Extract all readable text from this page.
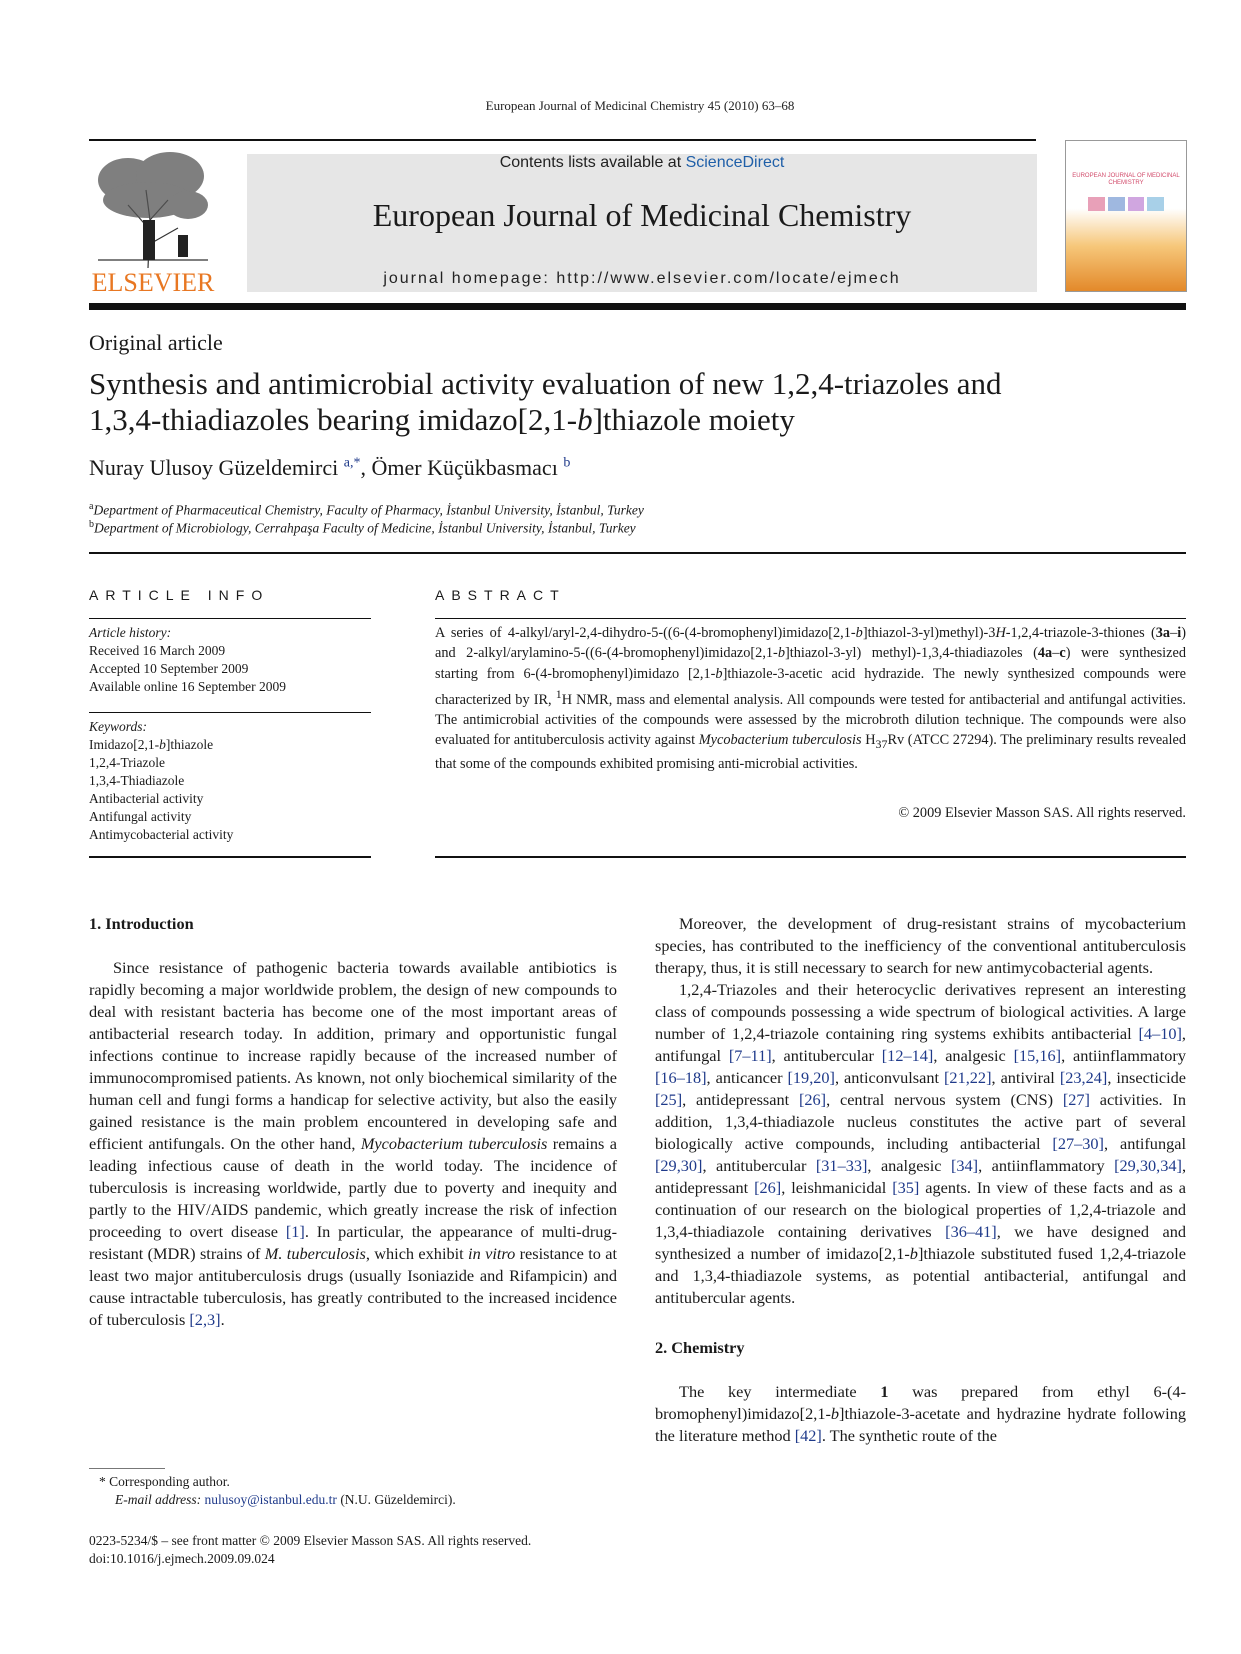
European Journal of Medicinal Chemistry 45 (2010) 63–68
ELSEVIER
Contents lists available at ScienceDirect
European Journal of Medicinal Chemistry
journal homepage: http://www.elsevier.com/locate/ejmech
EUROPEAN JOURNAL OF MEDICINAL CHEMISTRY
Original article
Synthesis and antimicrobial activity evaluation of new 1,2,4-triazoles and
1,3,4-thiadiazoles bearing imidazo[2,1-b]thiazole moiety
Nuray Ulusoy Güzeldemirci $^{a,*}$, Ömer Küçükbasmacı $^b$
$^a$Department of Pharmaceutical Chemistry, Faculty of Pharmacy, İstanbul University, İstanbul, Turkey
$^b$Department of Microbiology, Cerrahpaşa Faculty of Medicine, İstanbul University, İstanbul, Turkey
ARTICLE INFO
Article history:
Received 16 March 2009
Accepted 10 September 2009
Available online 16 September 2009
Keywords:
Imidazo[2,1-b]thiazole
1,2,4-Triazole
1,3,4-Thiadiazole
Antibacterial activity
Antifungal activity
Antimycobacterial activity
ABSTRACT
A series of 4-alkyl/aryl-2,4-dihydro-5-((6-(4-bromophenyl)imidazo[2,1-b]thiazol-3-yl)methyl)-3H-1,2,4-triazole-3-thiones (3a–i) and 2-alkyl/arylamino-5-((6-(4-bromophenyl)imidazo[2,1-b]thiazol-3-yl) methyl)-1,3,4-thiadiazoles (4a–c) were synthesized starting from 6-(4-bromophenyl)imidazo [2,1-b]thiazole-3-acetic acid hydrazide. The newly synthesized compounds were characterized by IR, $^1$H NMR, mass and elemental analysis. All compounds were tested for antibacterial and antifungal activities. The antimicrobial activities of the compounds were assessed by the microbroth dilution technique. The compounds were also evaluated for antituberculosis activity against Mycobacterium tuberculosis $H_{37}Rv$ (ATCC 27294). The preliminary results revealed that some of the compounds exhibited promising anti-microbial activities.
© 2009 Elsevier Masson SAS. All rights reserved.
1. Introduction

Since resistance of pathogenic bacteria towards available antibiotics is rapidly becoming a major worldwide problem, the design of new compounds to deal with resistant bacteria has become one of the most important areas of antibacterial research today. In addition, primary and opportunistic fungal infections continue to increase rapidly because of the increased number of immunocompromised patients. As known, not only biochemical similarity of the human cell and fungi forms a handicap for selective activity, but also the easily gained resistance is the main problem encountered in developing safe and efficient antifungals. On the other hand, Mycobacterium tuberculosis remains a leading infectious cause of death in the world today. The incidence of tuberculosis is increasing worldwide, partly due to poverty and inequity and partly to the HIV/AIDS pandemic, which greatly increase the risk of infection proceeding to overt disease [1]. In particular, the appearance of multi-drug-resistant (MDR) strains of M. tuberculosis, which exhibit in vitro resistance to at least two major antituberculosis drugs (usually Isoniazide and Rifampicin) and cause intractable tuberculosis, has greatly contributed to the increased incidence of tuberculosis [2,3].

Moreover, the development of drug-resistant strains of mycobacterium species, has contributed to the inefficiency of the conventional antituberculosis therapy, thus, it is still necessary to search for new antimycobacterial agents.

1,2,4-Triazoles and their heterocyclic derivatives represent an interesting class of compounds possessing a wide spectrum of biological activities. A large number of 1,2,4-triazole containing ring systems exhibits antibacterial [4–10], antifungal [7–11], antitubercular [12–14], analgesic [15,16], antiinflammatory [16–18], anticancer [19,20], anticonvulsant [21,22], antiviral [23,24], insecticide [25], antidepressant [26], central nervous system (CNS) [27] activities. In addition, 1,3,4-thiadiazole nucleus constitutes the active part of several biologically active compounds, including antibacterial [27–30], antifungal [29,30], antitubercular [31–33], analgesic [34], antiinflammatory [29,30,34], antidepressant [26], leishmanicidal [35] agents. In view of these facts and as a continuation of our research on the biological properties of 1,2,4-triazole and 1,3,4-thiadiazole containing derivatives [36–41], we have designed and synthesized a number of imidazo[2,1-b]thiazole substituted fused 1,2,4-triazole and 1,3,4-thiadiazole systems, as potential antibacterial, antifungal and antitubercular agents.

2. Chemistry

The key intermediate 1 was prepared from ethyl 6-(4-bromophenyl)imidazo[2,1-b]thiazole-3-acetate and hydrazine hydrate following the literature method [42]. The synthetic route of the

* Corresponding author.
E-mail address: nulusoy@istanbul.edu.tr (N.U. Güzeldemirci).
0223-5234/$ – see front matter © 2009 Elsevier Masson SAS. All rights reserved.
doi:10.1016/j.ejmech.2009.09.024
